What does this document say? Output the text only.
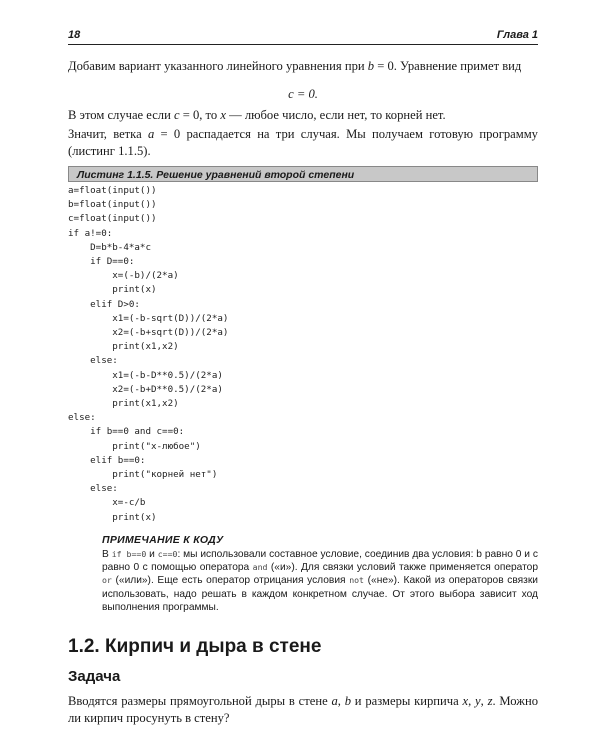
18	Глава 1
Добавим вариант указанного линейного уравнения при b = 0. Уравнение примет вид
c = 0.
В этом случае если c = 0, то x — любое число, если нет, то корней нет.
Значит, ветка a = 0 распадается на три случая. Мы получаем готовую программу (листинг 1.1.5).
Листинг 1.1.5. Решение уравнений второй степени
a=float(input())
b=float(input())
c=float(input())
if a!=0:
D=b*b-4*a*c
if D==0:
x=(-b)/(2*a)
print(x)
elif D>0:
x1=(-b-sqrt(D))/(2*a)
x2=(-b+sqrt(D))/(2*a)
print(x1,x2)
else:
x1=(-b-D**0.5)/(2*a)
x2=(-b+D**0.5)/(2*a)
print(x1,x2)
else:
if b==0 and c==0:
print("x-любое")
elif b==0:
print("корней нет")
else:
x=-c/b
print(x)
ПРИМЕЧАНИЕ К КОДУ
В if b==0 и c==0: мы использовали составное условие, соединив два условия: b равно 0 и c равно 0 с помощью оператора and («и»). Для связки условий также применяется оператор or («или»). Еще есть оператор отрицания условия not («не»). Какой из операторов связки использовать, надо решать в каждом конкретном случае. От этого выбора зависит ход выполнения программы.
1.2. Кирпич и дыра в стене
Задача
Вводятся размеры прямоугольной дыры в стене a, b и размеры кирпича x, y, z. Можно ли кирпич просунуть в стену?
